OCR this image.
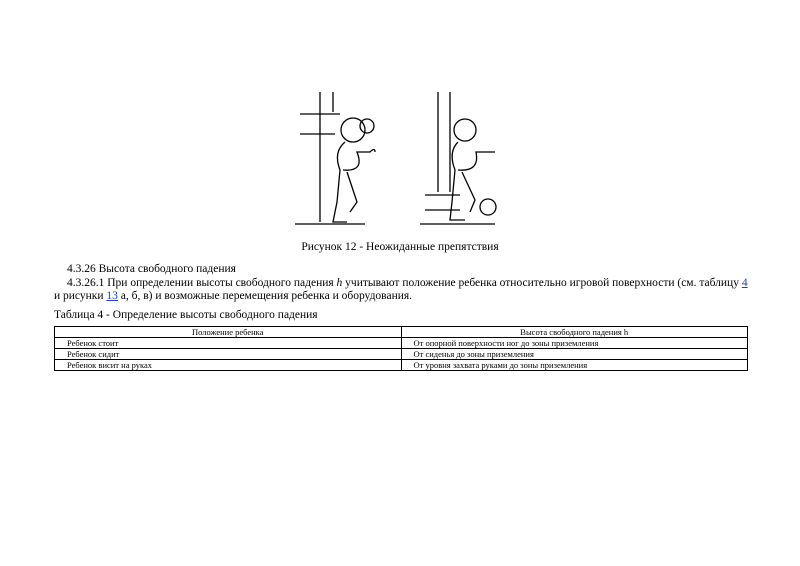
Рисунок 12 - Неожиданные препятствия
4.3.26 Высота свободного падения
4.3.26.1 При определении высоты свободного падения h учитывают положение ребенка относительно игровой поверхности (см. таблицу 4
и рисунки 13 а, б, в) и возможные перемещения ребенка и оборудования.
Таблица 4 - Определение высоты свободного падения
Положение ребенка	Высота свободного падения h
Ребенок стоит	От опорной поверхности ног до зоны приземления
Ребенок сидит	От сиденья до зоны приземления
Ребенок висит на руках	От уровня захвата руками до зоны приземления
